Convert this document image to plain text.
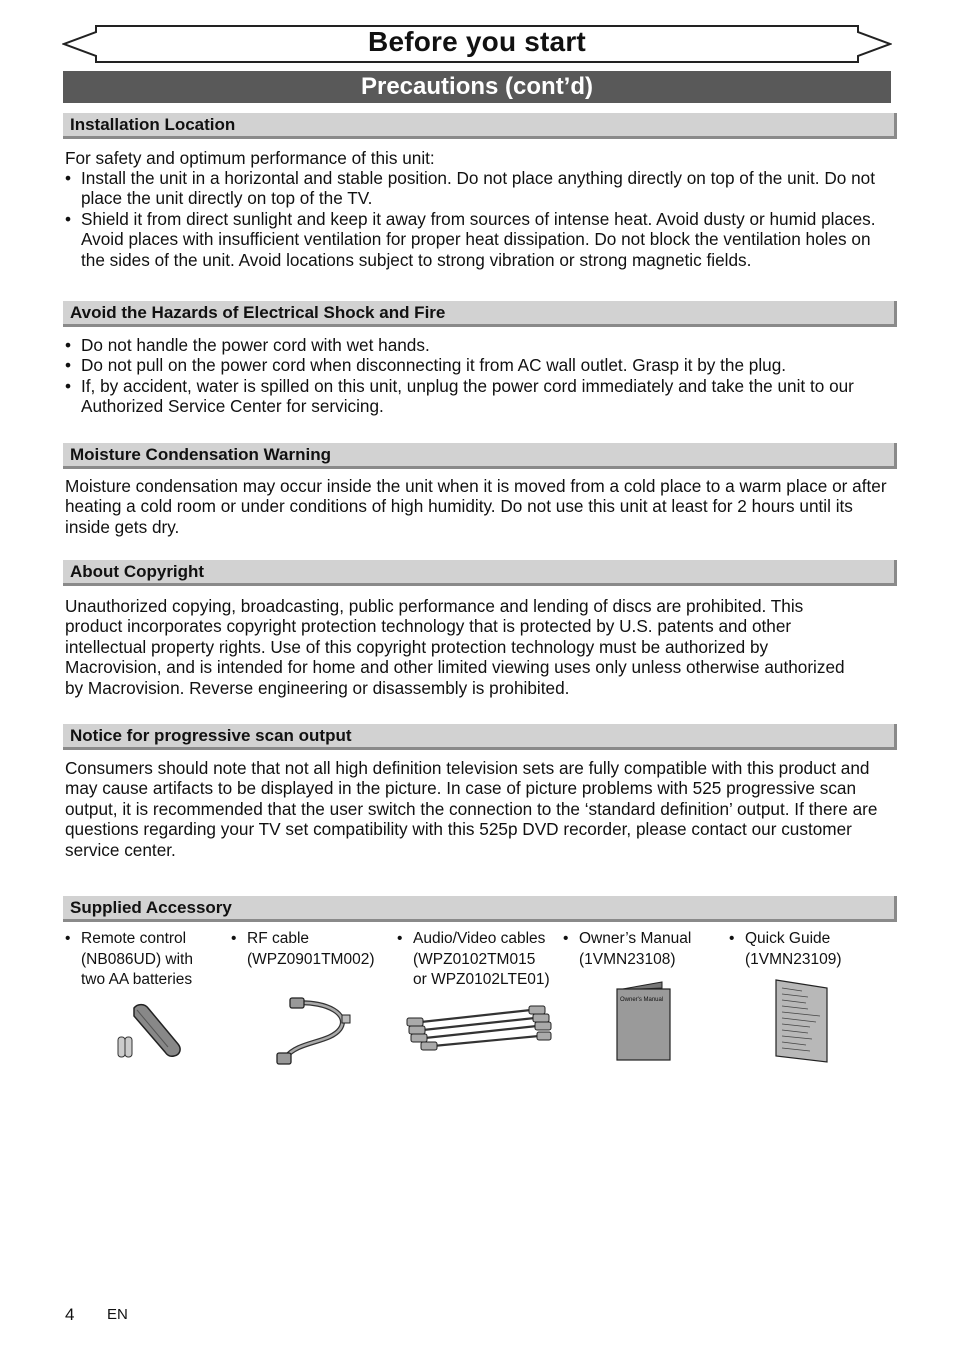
Before you start
Precautions (cont’d)
Installation Location

For safety and optimum performance of this unit:

• Install the unit in a horizontal and stable position. Do not place anything directly on top of the unit. Do not place the unit directly on top of the TV.
• Shield it from direct sunlight and keep it away from sources of intense heat. Avoid dusty or humid places. Avoid places with insufficient ventilation for proper heat dissipation. Do not block the ventilation holes on the sides of the unit. Avoid locations subject to strong vibration or strong magnetic fields.
Avoid the Hazards of Electrical Shock and Fire
• Do not handle the power cord with wet hands.
• Do not pull on the power cord when disconnecting it from AC wall outlet. Grasp it by the plug.
• If, by accident, water is spilled on this unit, unplug the power cord immediately and take the unit to our Authorized Service Center for servicing.
Moisture Condensation Warning

Moisture condensation may occur inside the unit when it is moved from a cold place to a warm place or after heating a cold room or under conditions of high humidity. Do not use this unit at least for 2 hours until its inside gets dry.

About Copyright

Unauthorized copying, broadcasting, public performance and lending of discs are prohibited. This product incorporates copyright protection technology that is protected by U.S. patents and other intellectual property rights. Use of this copyright protection technology must be authorized by Macrovision, and is intended for home and other limited viewing uses only unless otherwise authorized by Macrovision. Reverse engineering or disassembly is prohibited.

Notice for progressive scan output

Consumers should note that not all high definition television sets are fully compatible with this product and may cause artifacts to be displayed in the picture. In case of picture problems with 525 progressive scan output, it is recommended that the user switch the connection to the ‘standard definition’ output. If there are questions regarding your TV set compatibility with this 525p DVD recorder, please contact our customer service center.

Supplied Accessory
• Remote control
(NB086UD) with
two AA batteries
• RF cable
(WPZ0901TM002)
• Audio/Video cables
(WPZ0102TM015
or WPZ0102LTE01)
• Owner’s Manual
(1VMN23108)
• Quick Guide
(1VMN23109)
Owner's Manual
4 EN
